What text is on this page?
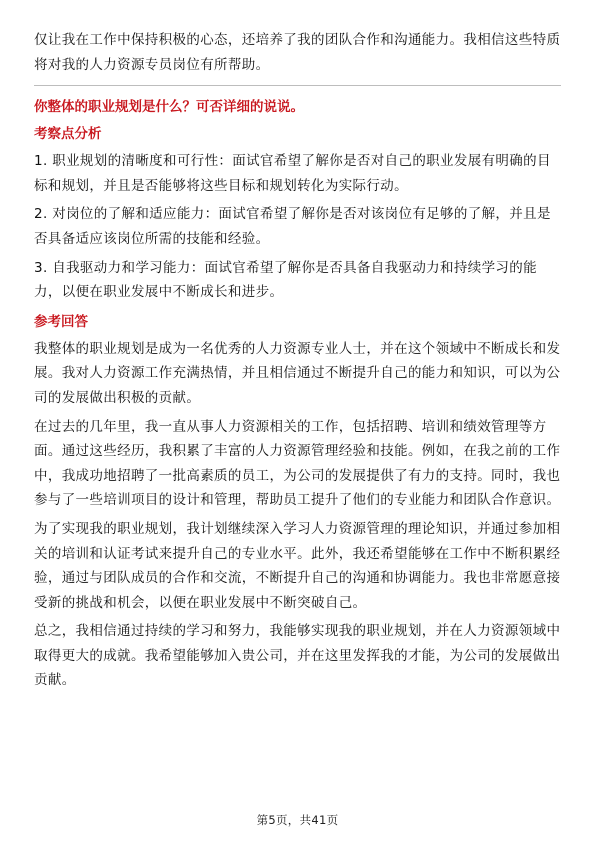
仅让我在工作中保持积极的心态，还培养了我的团队合作和沟通能力。我相信这些特质将对我的人力资源专员岗位有所帮助。

你整体的职业规划是什么？可否详细的说说。

考察点分析

1. 职业规划的清晰度和可行性：面试官希望了解你是否对自己的职业发展有明确的目标和规划，并且是否能够将这些目标和规划转化为实际行动。

2. 对岗位的了解和适应能力：面试官希望了解你是否对该岗位有足够的了解，并且是否具备适应该岗位所需的技能和经验。

3. 自我驱动力和学习能力：面试官希望了解你是否具备自我驱动力和持续学习的能力，以便在职业发展中不断成长和进步。

参考回答

我整体的职业规划是成为一名优秀的人力资源专业人士，并在这个领域中不断成长和发展。我对人力资源工作充满热情，并且相信通过不断提升自己的能力和知识，可以为公司的发展做出积极的贡献。

在过去的几年里，我一直从事人力资源相关的工作，包括招聘、培训和绩效管理等方面。通过这些经历，我积累了丰富的人力资源管理经验和技能。例如，在我之前的工作中，我成功地招聘了一批高素质的员工，为公司的发展提供了有力的支持。同时，我也参与了一些培训项目的设计和管理，帮助员工提升了他们的专业能力和团队合作意识。

为了实现我的职业规划，我计划继续深入学习人力资源管理的理论知识，并通过参加相关的培训和认证考试来提升自己的专业水平。此外，我还希望能够在工作中不断积累经验，通过与团队成员的合作和交流，不断提升自己的沟通和协调能力。我也非常愿意接受新的挑战和机会，以便在职业发展中不断突破自己。

总之，我相信通过持续的学习和努力，我能够实现我的职业规划，并在人力资源领域中取得更大的成就。我希望能够加入贵公司，并在这里发挥我的才能，为公司的发展做出贡献。

第5页，共41页
